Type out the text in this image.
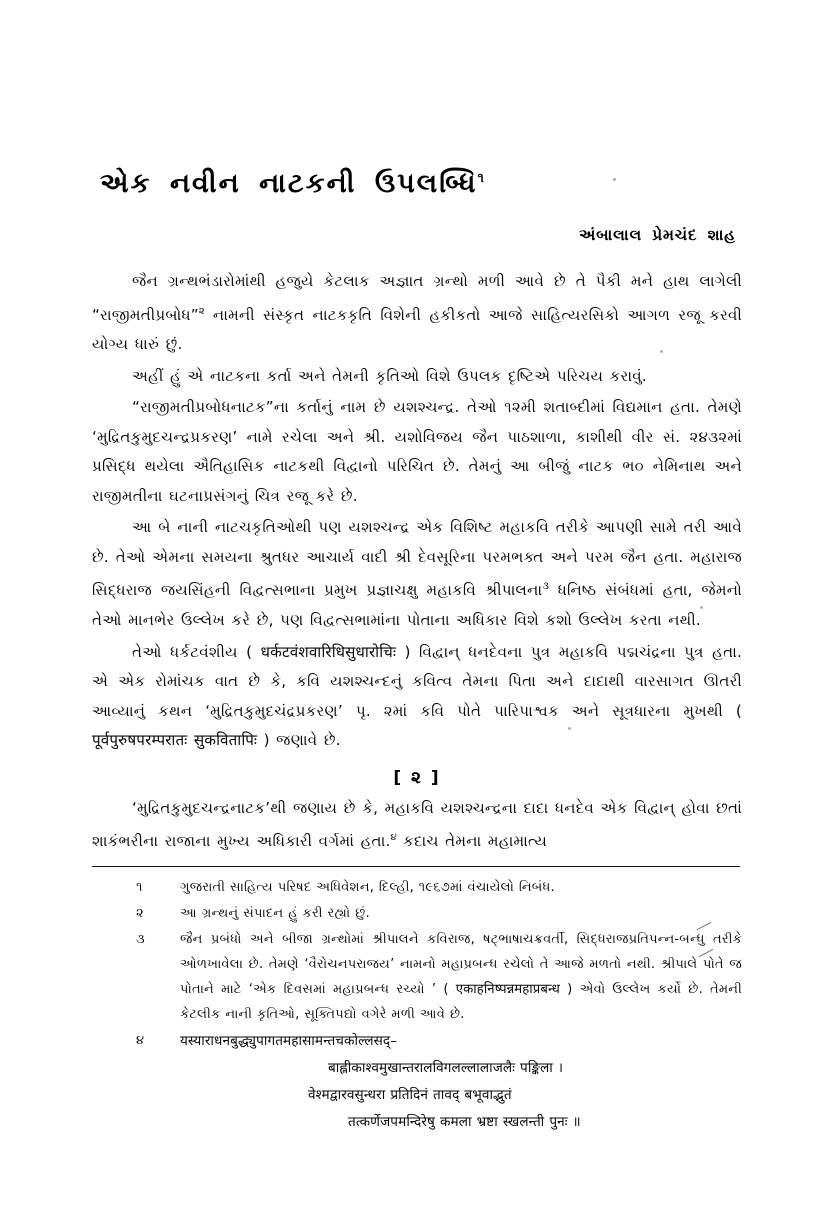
એક નવીન નાટકની ઉપલબ્ધિ$^૧$
અંબાલાલ પ્રેમચંદ શાહ

જૈન ગ્રન્થભંડારોમાંથી હજુયે કેટલાક અજ્ઞાત ગ્રન્થો મળી આવે છે તે પૈકી મને હાથ લાગેલી “રાજીમતીપ્રબોધ”$^૨$ નામની સંસ્કૃત નાટકકૃતિ વિશેની હકીકતો આજે સાહિત્યરસિકો આગળ રજૂ કરવી યોગ્ય ધારું છું.

અહીં હું એ નાટકના કર્તા અને તેમની કૃતિઓ વિશે ઉપલક દૃષ્ટિએ પરિચય કરાવું.

“રાજીમતીપ્રબોધનાટક”ના કર્તાનું નામ છે યશશ્ચન્દ્ર. તેઓ ૧૨મી શતાબ્દીમાં વિદ્યમાન હતા. તેમણે ‘મુદ્રિતકુમુદચન્દ્રપ્રકરણ’ નામે રચેલા અને શ્રી. યશોવિજય જૈન પાઠશાળા, કાશીથી વીર સં. ૨૪૩૨માં પ્રસિદ્ધ થયેલા ઐતિહાસિક નાટકથી વિદ્વાનો પરિચિત છે. તેમનું આ બીજું નાટક ભ૦ નેમિનાથ અને રાજીમતીના ઘટનાપ્રસંગનું ચિત્ર રજૂ કરે છે.

આ બે નાની નાટચકૃતિઓથી પણ યશશ્ચન્દ્ર એક વિશિષ્ટ મહાકવિ તરીકે આપણી સામે તરી આવે છે. તેઓ એમના સમયના શ્રુતધર આચાર્ય વાદી શ્રી દેવસૂરિના પરમભક્ત અને પરમ જૈન હતા. મહારાજ સિદ્ધરાજ જયસિંહની વિદ્વત્સભાના પ્રમુખ પ્રજ્ઞાચક્ષુ મહાકવિ શ્રીપાલના$^૩$ ધનિષ્ઠ સંબંધમાં હતા, જેમનો તેઓ માનભેર ઉલ્લેખ કરે છે, પણ વિદ્વત્સભામાંના પોતાના અધિકાર વિશે કશો ઉલ્લેખ કરતા નથી.

તેઓ ધર્કટવંશીય ( धर्कटवंशवारिधिसुधारोचिः ) વિદ્વાન્ ધનદેવના પુત્ર મહાકવિ પદ્મચંદ્રના પુત્ર હતા. એ એક રોમાંચક વાત છે કે, કવિ યશશ્ચન્દનું કવિત્વ તેમના પિતા અને દાદાથી વારસાગત ઊતરી આવ્યાનું કથન ‘મુદ્રિતકુમુદચંદ્રપ્રકરણ’ પૃ. ૨માં કવિ પોતે પારિપાશ્વક અને સૂત્રધારના મુખથી ( पूर्वपुरुषपरम्परातः सुकवितापिः ) જણાવે છે.

[ ૨ ]

‘મુદ્રિતકુમુદચન્દ્રનાટક’થી જણાય છે કે, મહાકવિ યશશ્ચન્દ્રના દાદા ધનદેવ એક વિદ્વાન્ હોવા છતાં શાકંભરીના રાજાના મુખ્ય અધિકારી વર્ગમાં હતા.$^૪$ કદાચ તેમના મહામાત્ય

૧	ગુજરાતી સાહિત્ય પરિષદ અધિવેશન, દિલ્હી, ૧૯૬૭માં વંચાયેલો નિબંધ.
૨	આ ગ્રન્થનું સંપાદન હું કરી રહ્યો છું.
૩	જૈન પ્રબંધો અને બીજા ગ્રન્થોમાં શ્રીપાલને કવિરાજ, ષટ્‌ભાષાચક્રવર્તી, સિદ્ધરાજપ્રતિપન્ન-બન્ધુ તરીકે ઓળખાવેલા છે. તેમણે ‘વૈરોચનપરાજય’ નામનો મહાપ્રબન્ધ રચેલો તે આજે મળતો નથી. શ્રીપાલે પોતે જ પોતાને માટે ‘એક દિવસમાં મહાપ્રબન્ધ રચ્યો ’ ( एकाहनिष्पन्नमहाप्रबन्ध ) એવો ઉલ્લેખ કર્યો છે. તેમની કેટલીક નાની કૃતિઓ, સૂક્તિપદ્યો વગેરે મળી આવે છે.
૪	यस्याराधनबुद्ध्युपागतमहासामन्तचकोल्लसद्–
बाह्लीकाश्वमुखान्तरालविगलल्लालाजलैः पङ्किला ।
वेश्मद्वारवसुन्धरा प्रतिदिनं तावद् बभूवाद्भुतं
तत्कर्णेजपमन्दिरेषु कमला भ्रष्टा स्खलन्ती पुनः ॥
